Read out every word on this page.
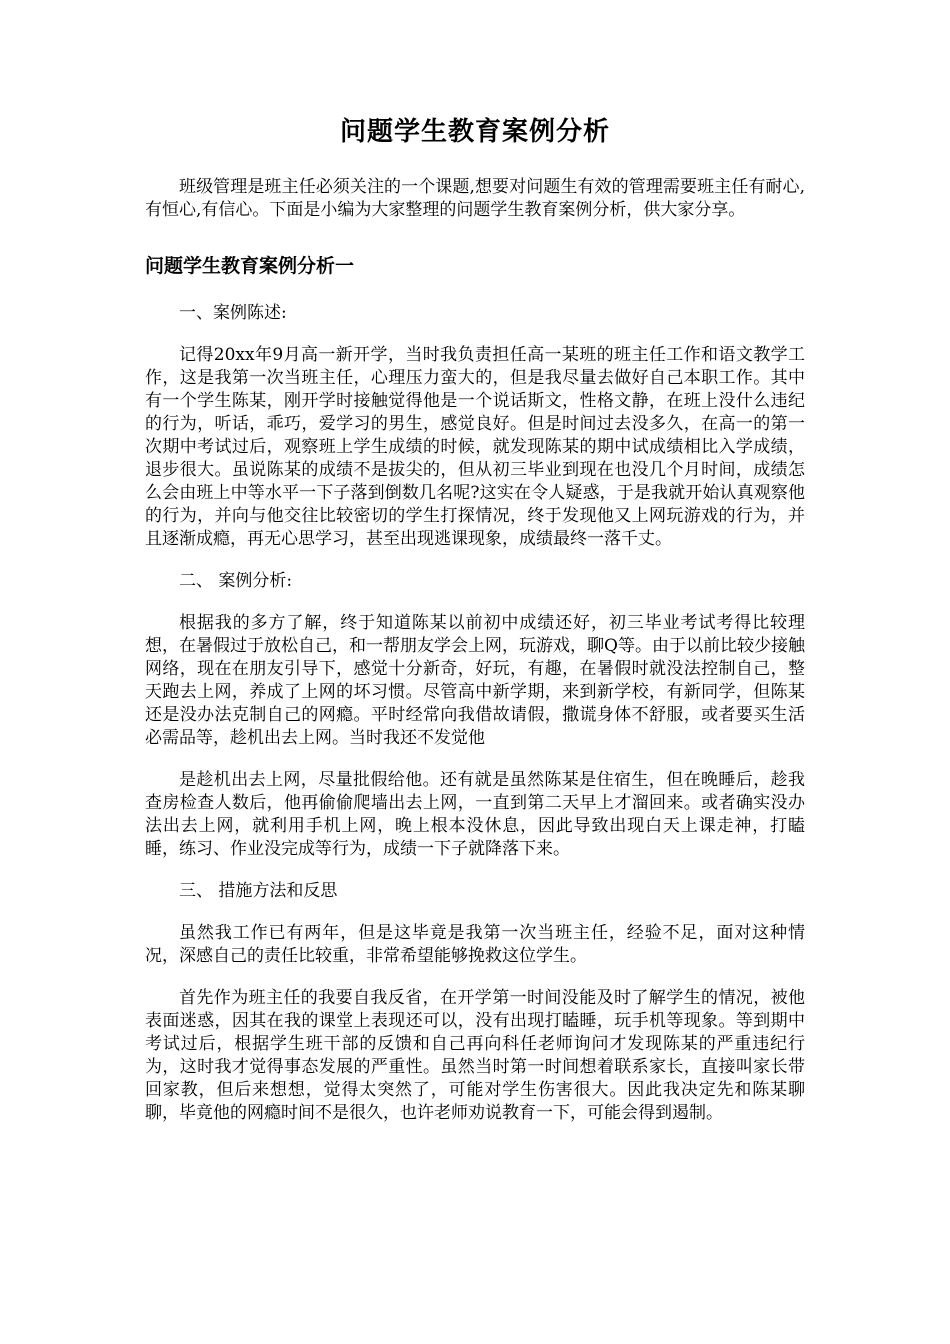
问题学生教育案例分析

班级管理是班主任必须关注的一个课题,想要对问题生有效的管理需要班主任有耐心,有恒心,有信心。下面是小编为大家整理的问题学生教育案例分析，供大家分享。

问题学生教育案例分析一

一、案例陈述:

记得20xx年9月高一新开学，当时我负责担任高一某班的班主任工作和语文教学工作，这是我第一次当班主任，心理压力蛮大的，但是我尽量去做好自己本职工作。其中有一个学生陈某，刚开学时接触觉得他是一个说话斯文，性格文静，在班上没什么违纪的行为，听话，乖巧，爱学习的男生，感觉良好。但是时间过去没多久，在高一的第一次期中考试过后，观察班上学生成绩的时候，就发现陈某的期中试成绩相比入学成绩，退步很大。虽说陈某的成绩不是拔尖的，但从初三毕业到现在也没几个月时间，成绩怎么会由班上中等水平一下子落到倒数几名呢?这实在令人疑惑，于是我就开始认真观察他的行为，并向与他交往比较密切的学生打探情况，终于发现他又上网玩游戏的行为，并且逐渐成瘾，再无心思学习，甚至出现逃课现象，成绩最终一落千丈。

二、 案例分析:

根据我的多方了解，终于知道陈某以前初中成绩还好，初三毕业考试考得比较理想，在暑假过于放松自己，和一帮朋友学会上网，玩游戏，聊Q等。由于以前比较少接触网络，现在在朋友引导下，感觉十分新奇，好玩，有趣，在暑假时就没法控制自己，整天跑去上网，养成了上网的坏习惯。尽管高中新学期，来到新学校，有新同学，但陈某还是没办法克制自己的网瘾。平时经常向我借故请假，撒谎身体不舒服，或者要买生活必需品等，趁机出去上网。当时我还不发觉他

是趁机出去上网，尽量批假给他。还有就是虽然陈某是住宿生，但在晚睡后，趁我查房检查人数后，他再偷偷爬墙出去上网，一直到第二天早上才溜回来。或者确实没办法出去上网，就利用手机上网，晚上根本没休息，因此导致出现白天上课走神，打瞌睡，练习、作业没完成等行为，成绩一下子就降落下来。

三、 措施方法和反思

虽然我工作已有两年，但是这毕竟是我第一次当班主任，经验不足，面对这种情况，深感自己的责任比较重，非常希望能够挽救这位学生。

首先作为班主任的我要自我反省，在开学第一时间没能及时了解学生的情况，被他表面迷惑，因其在我的课堂上表现还可以，没有出现打瞌睡，玩手机等现象。等到期中考试过后，根据学生班干部的反馈和自己再向科任老师询问才发现陈某的严重违纪行为，这时我才觉得事态发展的严重性。虽然当时第一时间想着联系家长，直接叫家长带回家教，但后来想想，觉得太突然了，可能对学生伤害很大。因此我决定先和陈某聊聊，毕竟他的网瘾时间不是很久，也许老师劝说教育一下，可能会得到遏制。
